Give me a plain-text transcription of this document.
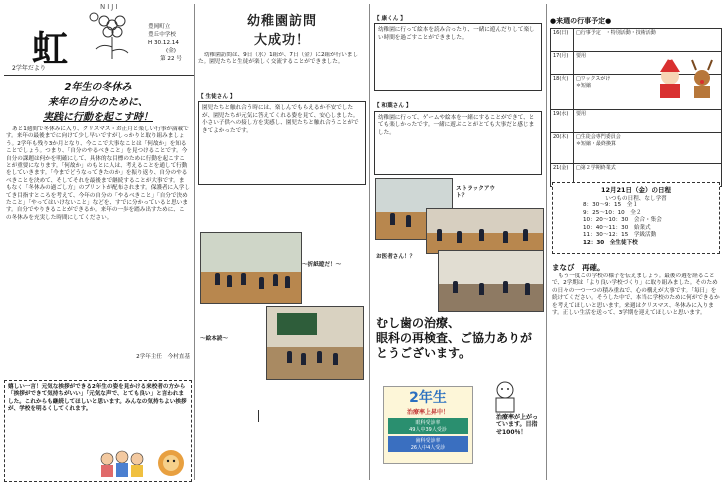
NIJI
虹
2学年だより
豊岡町立
豊丘中学校
H 30.12.14
(金)
第 22 号
2年生の冬休み
来年の自分のために、
実践に行動を起こす時！
あと1週間で冬休みに入り、クリスマス・お正月と楽しい行事が満載です。来年の最後までに向けて少し早いですがしっかりと取り組みましょう。2学年も残り3か月となり、今ここで大事なことは「何故か」を知ることでしょう。つまり、「自分のやるべきこと」を見つけることです。今自分の課題は何かを明確にして、具体的な目標のために行動を起こすことが重要になります。「何故か」のもとに人は、考えることを通して行動をしていきます。「今までどうなってきたのか」を振り返り、自分のやるべきことを決めて、そしてそれを最後まで継続することが大事です。まもなく「冬休みの過ごし方」のプリントが配布されます。保護者に入学してき目指すところを考えて、今年の自分の「やるべきこと」「自分で決めたこと」「やってはいけないこと」などを、すでに分かっていると思います。自分でやりきることができるか。来年の一歩を踏み出すために、この冬休みを充実した時間にしてください。
2学年主任　今村直基
嬉しい一言！元気な挨拶ができる2年生の姿を見かける来校者の方から「挨拶ができて気持ちがいい」「元気な声で、とても良い」と言われました。これからも継続してほしいと思います。みんなの気持ちよい挨拶が、学校を明るくしてくれます。
幼稚園訪問
大成功！
幼稚園訪問は、9日（水）1組が、7日（金）に2組が行いました。園児たちと生徒が楽しく交流することができました。
【 生徒さん 】
園児たちと触れ合う時には、楽しんでもらえるか不安でしたが、園児たちが元気に答えてくれる姿を見て、安心しました。小さい子供への接し方を実感し、園児たちと触れ合うことができてよかったです。
～折紙遊だ！～
～絵本読～
【 康くん 】
幼稚園に行って絵本を読み合ったり、一緒に遊んだりして楽しい時間を過ごすことができました。
【 和葉さん 】
幼稚園に行って、ゲームや絵本を一緒にすることができて、とても楽しかったです。一緒に遊ぶことがとても大事だと感じました。
ストラックアウト？
お医者さん！？
むし歯の治療、
眼科の再検査、ご協力ありがとうございます。
2年生
治療率上昇中！
眼科受診率
49人中39人受診
歯科受診率
26人中4人受診
治療率が上がっています。目指せ100％！
●来週の行事予定●
16(日)	□行事予定　・特別活動・技術活動
17(月)	要用
18(火)	□ワックスがけ
＊短縮
19(水)	要用
20(木)	□生徒会専門委員会
＊短縮・最終換算
21(金)	□第２学期終業式
12月21日（金）の日程
いつもの日程、なし学習
8：30～9：15　全１
9：25～10：10　全２
10：20～10：30　会合・集会
10：40～11：30　始業式
11：30～12：15　学級活動
12：30　全生徒下校
まなび　再確。
もう一度この学校の様子を伝えましょう。最後の週を経ることで、2学期は「より良い学校づくり」に取り組みました。そのための日々の一つ一つの積み重ねで、心の構えが大事です。「毎日」を続けてください。そうした中で、本当に学校のために何ができるかを考えてほしいと思います。来週はクリスマス、冬休みに入ります。正しい生活を送って、3学期を迎えてほしいと思います。
